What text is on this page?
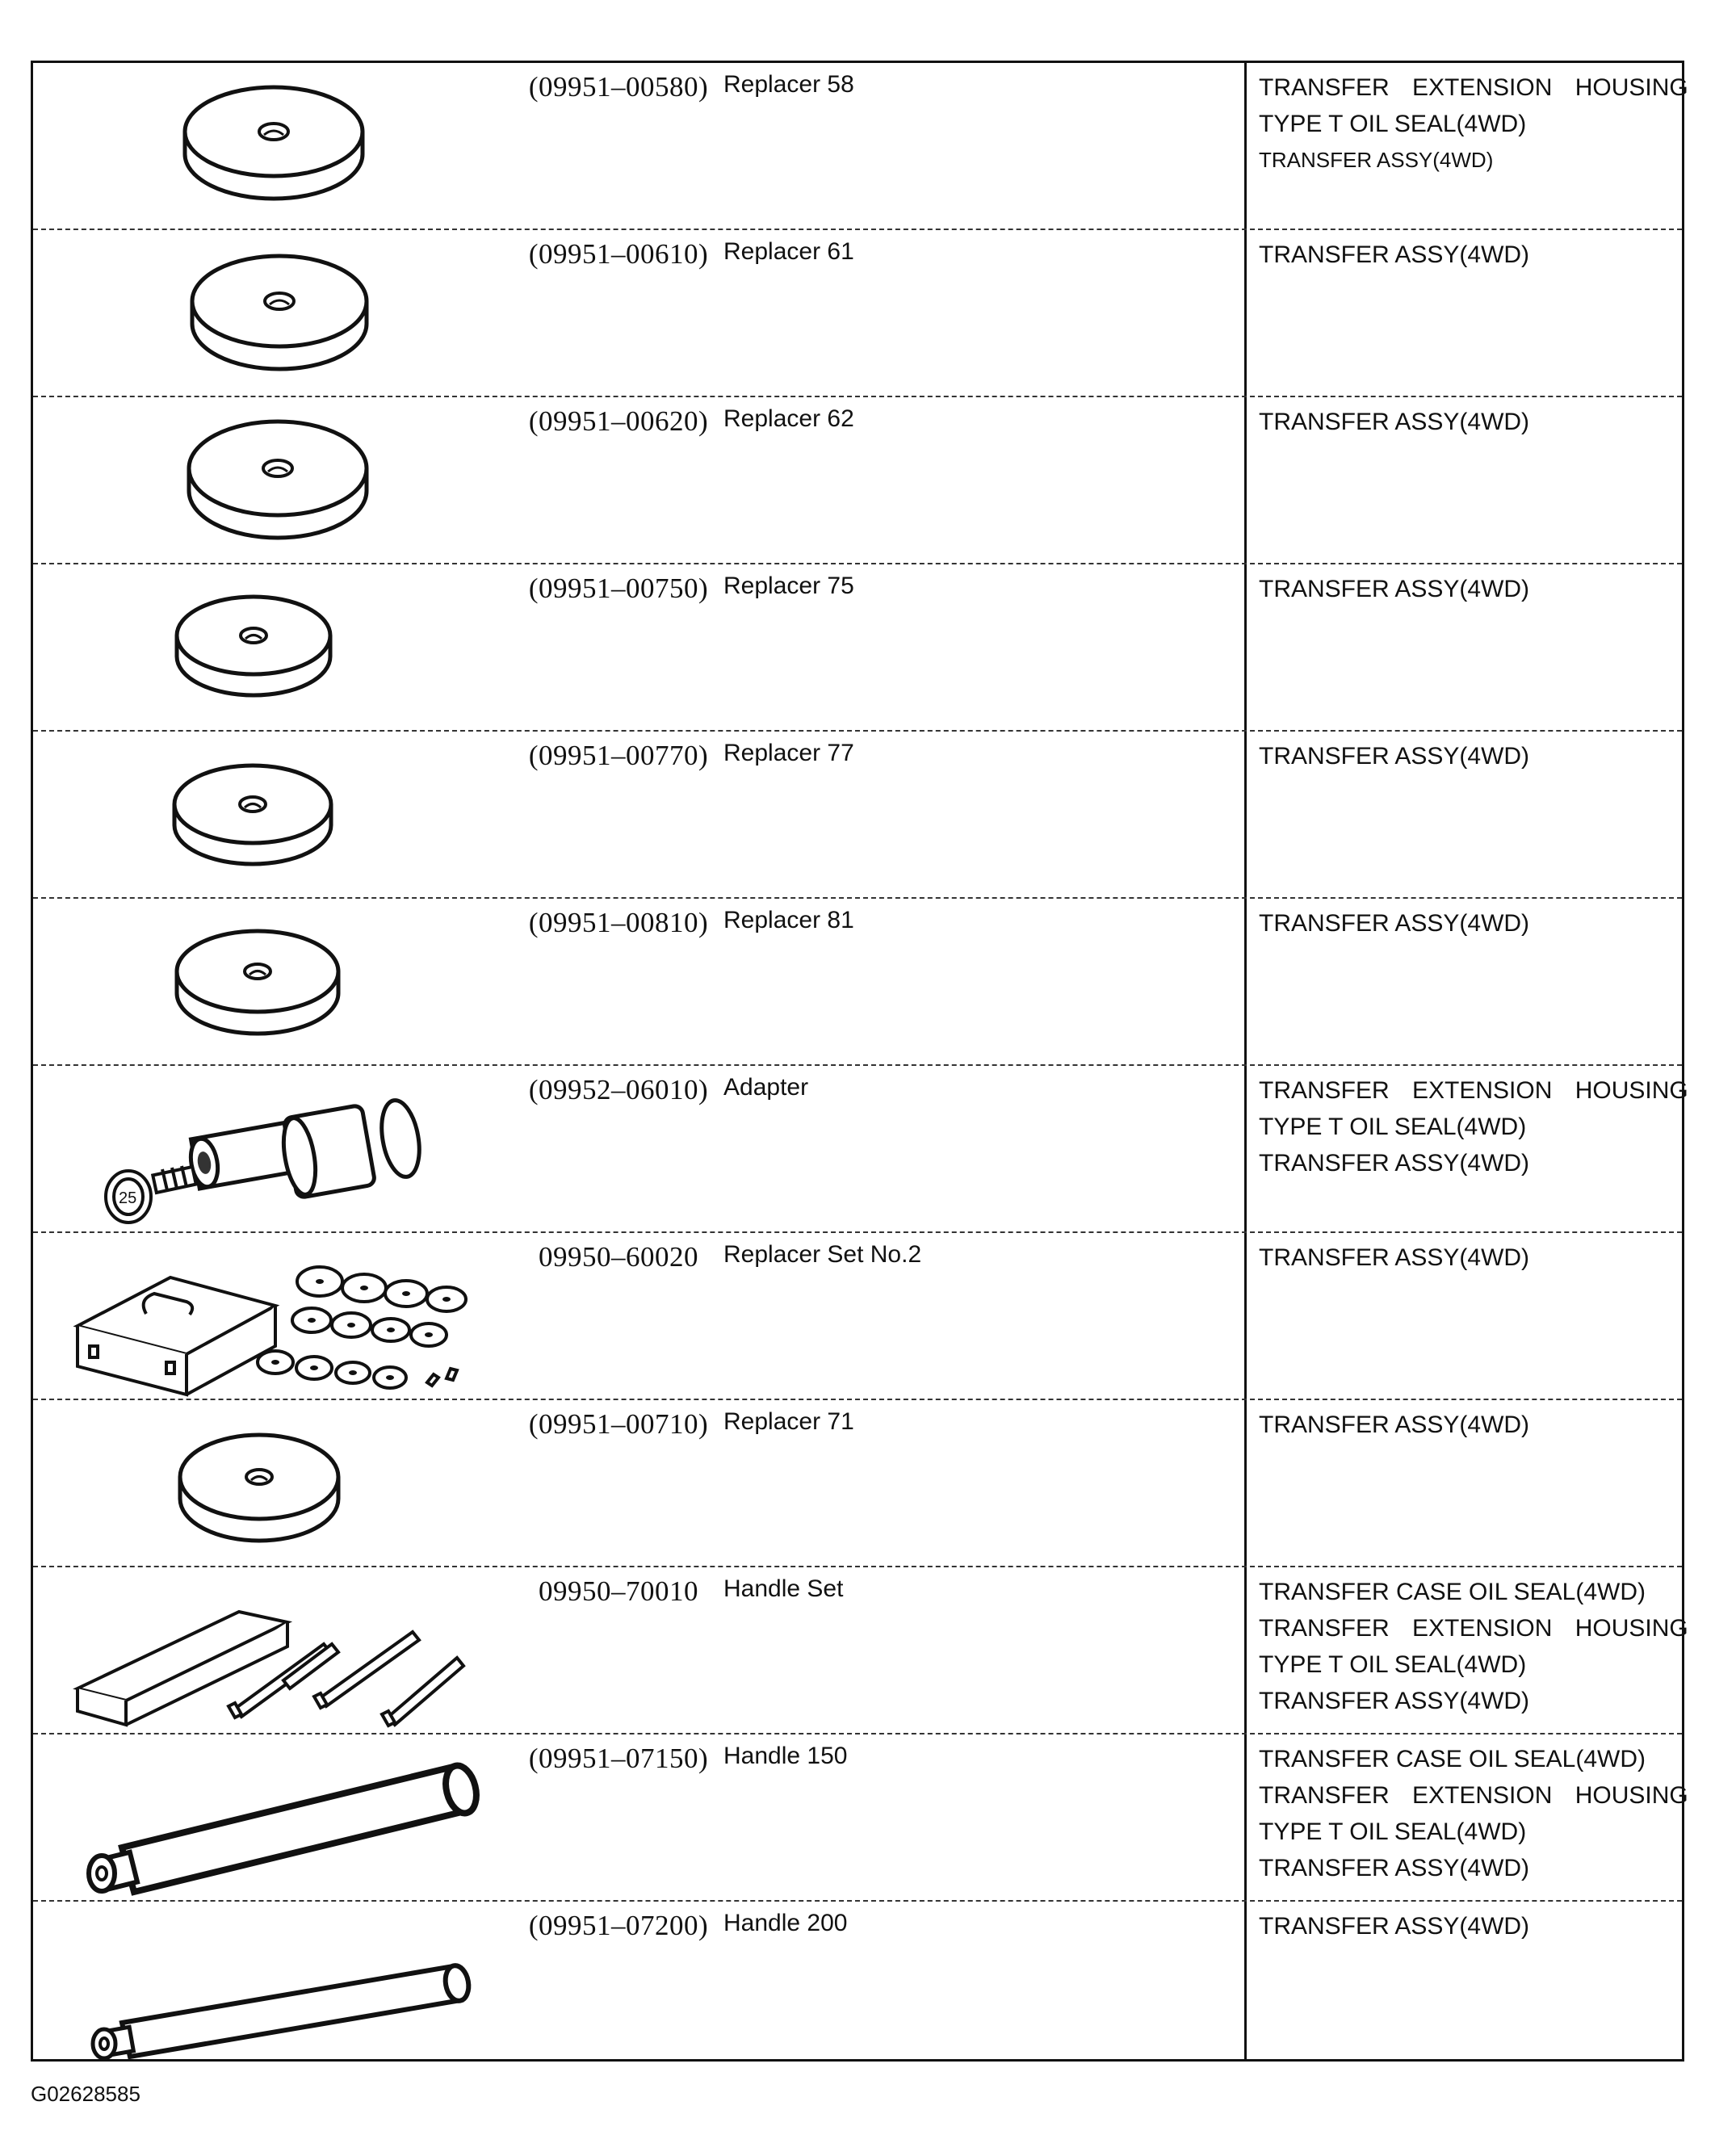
(09951–00580) Replacer 58	TRANSFER EXTENSION HOUSING
TYPE T OIL SEAL(4WD)
TRANSFER ASSY(4WD)
(09951–00610) Replacer 61	TRANSFER ASSY(4WD)
(09951–00620) Replacer 62	TRANSFER ASSY(4WD)
(09951–00750) Replacer 75	TRANSFER ASSY(4WD)
(09951–00770) Replacer 77	TRANSFER ASSY(4WD)
(09951–00810) Replacer 81	TRANSFER ASSY(4WD)
25
(09952–06010) Adapter	TRANSFER EXTENSION HOUSING
TYPE T OIL SEAL(4WD)
TRANSFER ASSY(4WD)
09950–60020	Replacer Set No.2	TRANSFER ASSY(4WD)
(09951–00710) Replacer 71	TRANSFER ASSY(4WD)
09950–70010	Handle Set	TRANSFER CASE OIL SEAL(4WD)
TRANSFER EXTENSION HOUSING
TYPE T OIL SEAL(4WD)
TRANSFER ASSY(4WD)
(09951–07150) Handle 150	TRANSFER CASE OIL SEAL(4WD)
TRANSFER EXTENSION HOUSING
TYPE T OIL SEAL(4WD)
TRANSFER ASSY(4WD)
(09951–07200) Handle 200	TRANSFER ASSY(4WD)
G02628585
